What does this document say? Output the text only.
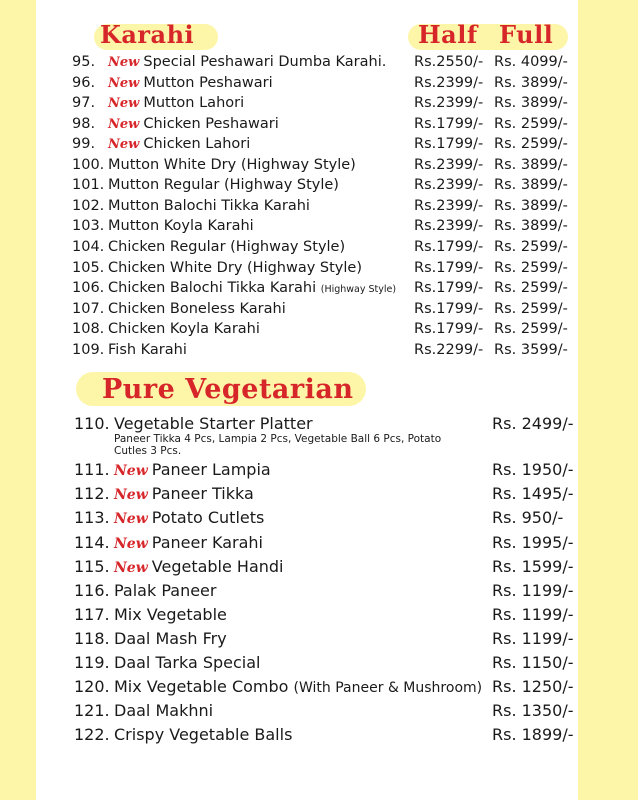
Karahi	Half Full
95. New Special Peshawari Dumba Karahi. Rs.2550/- Rs. 4099/-
96. New Mutton Peshawari	Rs.2399/- Rs. 3899/-
97. New Mutton Lahori	Rs.2399/- Rs. 3899/-
98. New Chicken Peshawari	Rs.1799/- Rs. 2599/-
99. New Chicken Lahori	Rs.1799/- Rs. 2599/-
100. Mutton White Dry (Highway Style)	Rs.2399/- Rs. 3899/-
101. Mutton Regular (Highway Style)	Rs.2399/- Rs. 3899/-
102. Mutton Balochi Tikka Karahi	Rs.2399/- Rs. 3899/-
103. Mutton Koyla Karahi	Rs.2399/- Rs. 3899/-
104. Chicken Regular (Highway Style)	Rs.1799/- Rs. 2599/-
105. Chicken White Dry (Highway Style)	Rs.1799/- Rs. 2599/-
106. Chicken Balochi Tikka Karahi (Highway Style) Rs.1799/- Rs. 2599/-
107. Chicken Boneless Karahi	Rs.1799/- Rs. 2599/-
108. Chicken Koyla Karahi	Rs.1799/- Rs. 2599/-
109. Fish Karahi	Rs.2299/- Rs. 3599/-
Pure Vegetarian
110. Vegetable Starter Platter	Rs. 2499/-
Paneer Tikka 4 Pcs, Lampia 2 Pcs, Vegetable Ball 6 Pcs, Potato Cutles 3 Pcs.
111. New Paneer Lampia	Rs. 1950/-
112. New Paneer Tikka	Rs. 1495/-
113. New Potato Cutlets	Rs. 950/-
114. New Paneer Karahi	Rs. 1995/-
115. New Vegetable Handi	Rs. 1599/-
116. Palak Paneer	Rs. 1199/-
117. Mix Vegetable	Rs. 1199/-
118. Daal Mash Fry	Rs. 1199/-
119. Daal Tarka Special	Rs. 1150/-
120. Mix Vegetable Combo (With Paneer & Mushroom) Rs. 1250/-
121. Daal Makhni	Rs. 1350/-
122. Crispy Vegetable Balls	Rs. 1899/-
